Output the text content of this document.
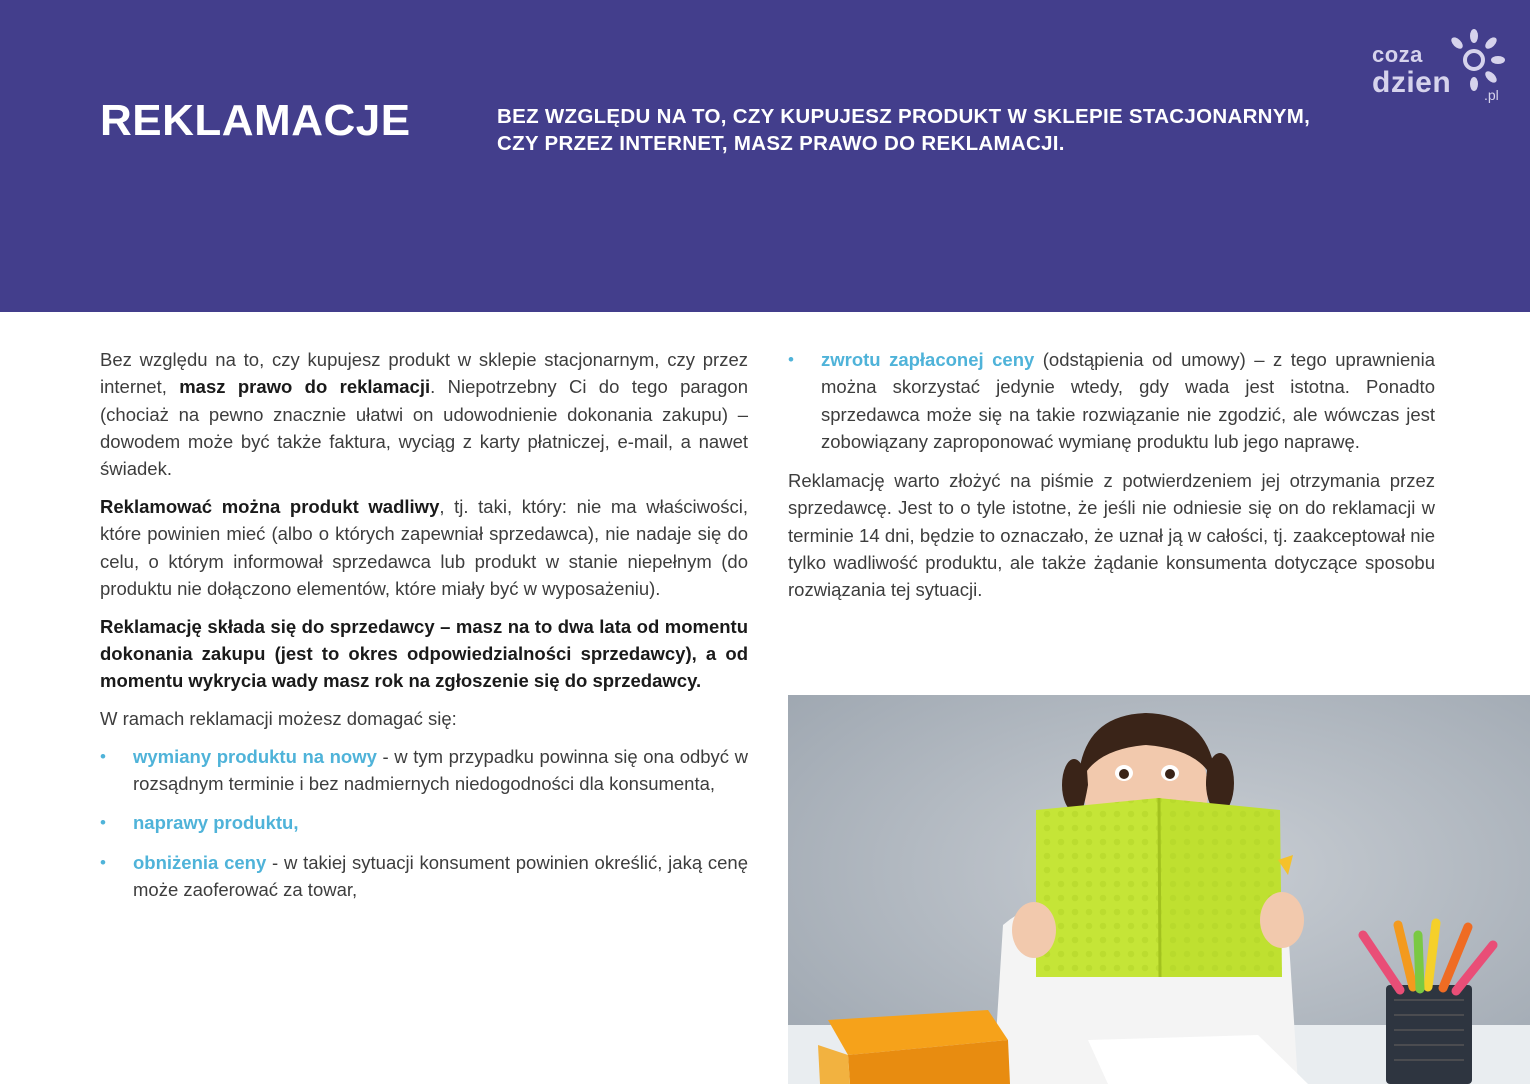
REKLAMACJE	BEZ WZGLĘDU NA TO, CZY KUPUJESZ PRODUKT W SKLEPIE STACJONARNYM,
CZY PRZEZ INTERNET, MASZ PRAWO DO REKLAMACJI.
coza
dzien .pl

Bez względu na to, czy kupujesz produkt w sklepie stacjonarnym, czy przez internet, masz prawo do reklamacji. Niepotrzebny Ci do tego paragon (chociaż na pewno znacznie ułatwi on udowodnienie dokonania zakupu) – dowodem może być także faktura, wyciąg z karty płatniczej, e-mail, a nawet świadek.

Reklamować można produkt wadliwy, tj. taki, który: nie ma właściwości, które powinien mieć (albo o których zapewniał sprzedawca), nie nadaje się do celu, o którym informował sprzedawca lub produkt w stanie niepełnym (do produktu nie dołączono elementów, które miały być w wyposażeniu).

Reklamację składa się do sprzedawcy – masz na to dwa lata od momentu dokonania zakupu (jest to okres odpowiedzialności sprzedawcy), a od momentu wykrycia wady masz rok na zgłoszenie się do sprzedawcy.

W ramach reklamacji możesz domagać się:

• wymiany produktu na nowy - w tym przypadku powinna się ona odbyć w rozsądnym terminie i bez nadmiernych niedogodności dla konsumenta,
• naprawy produktu,
• obniżenia ceny - w takiej sytuacji konsument powinien określić, jaką cenę może zaoferować za towar,
• zwrotu zapłaconej ceny (odstąpienia od umowy) – z tego uprawnienia można skorzystać jedynie wtedy, gdy wada jest istotna. Ponadto sprzedawca może się na takie rozwiązanie nie zgodzić, ale wówczas jest zobowiązany zaproponować wymianę produktu lub jego naprawę.

Reklamację warto złożyć na piśmie z potwierdzeniem jej otrzymania przez sprzedawcę. Jest to o tyle istotne, że jeśli nie odniesie się on do reklamacji w terminie 14 dni, będzie to oznaczało, że uznał ją w całości, tj. zaakceptował nie tylko wadliwość produktu, ale także żądanie konsumenta dotyczące sposobu rozwiązania tej sytuacji.
